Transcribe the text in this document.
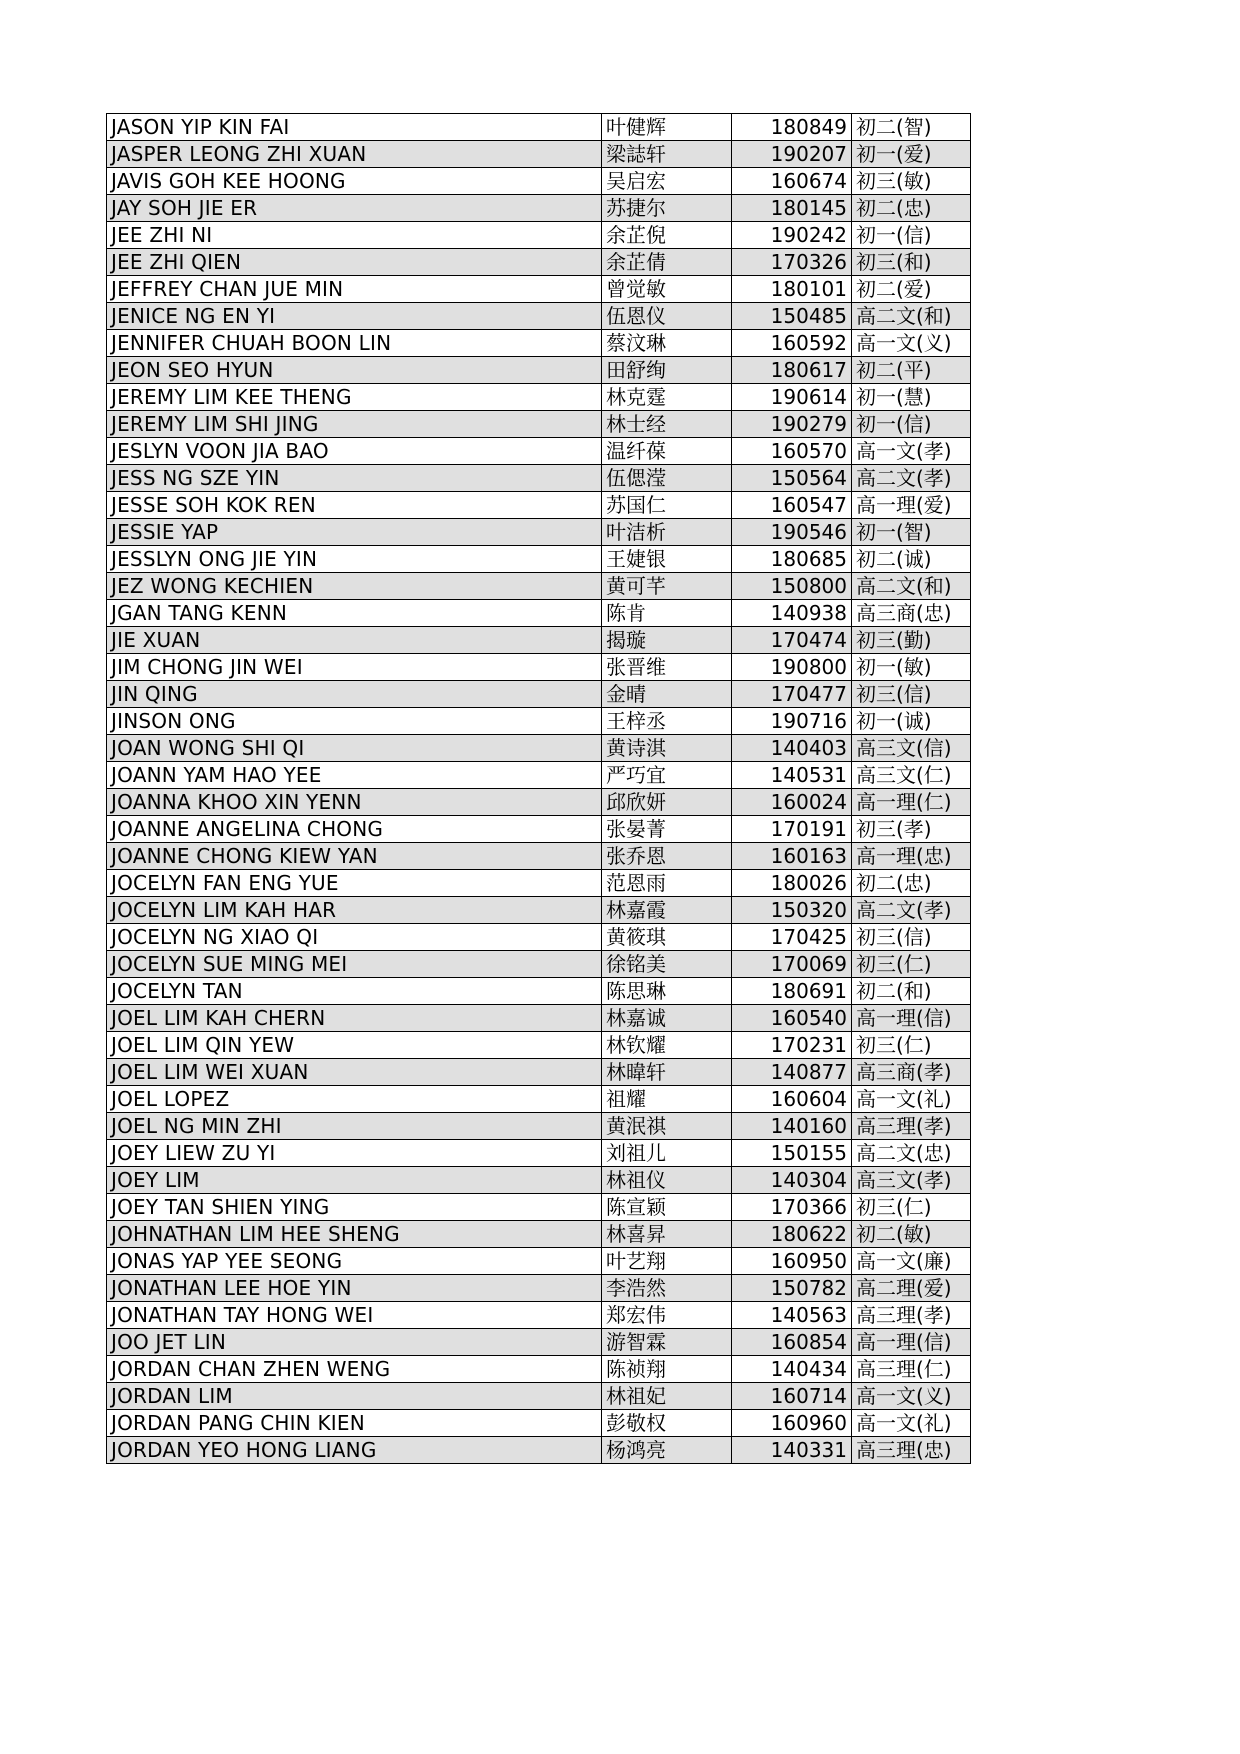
JASON YIP KIN FAI	叶健辉	180849	初二(智)
JASPER LEONG ZHI XUAN	梁誌轩	190207	初一(爱)
JAVIS GOH KEE HOONG	吴启宏	160674	初三(敏)
JAY SOH JIE ER	苏捷尔	180145	初二(忠)
JEE ZHI NI	余芷倪	190242	初一(信)
JEE ZHI QIEN	余芷倩	170326	初三(和)
JEFFREY CHAN JUE MIN	曾觉敏	180101	初二(爱)
JENICE NG EN YI	伍恩仪	150485	高二文(和)
JENNIFER CHUAH BOON LIN	蔡汶琳	160592	高一文(义)
JEON SEO HYUN	田舒绚	180617	初二(平)
JEREMY LIM KEE THENG	林克霆	190614	初一(慧)
JEREMY LIM SHI JING	林士经	190279	初一(信)
JESLYN VOON JIA BAO	温纤葆	160570	高一文(孝)
JESS NG SZE YIN	伍偲滢	150564	高二文(孝)
JESSE SOH KOK REN	苏国仁	160547	高一理(爱)
JESSIE YAP	叶洁析	190546	初一(智)
JESSLYN ONG JIE YIN	王婕银	180685	初二(诚)
JEZ WONG KECHIEN	黄可芊	150800	高二文(和)
JGAN TANG KENN	陈肯	140938	高三商(忠)
JIE XUAN	揭璇	170474	初三(勤)
JIM CHONG JIN WEI	张晋维	190800	初一(敏)
JIN QING	金晴	170477	初三(信)
JINSON ONG	王梓丞	190716	初一(诚)
JOAN WONG SHI QI	黄诗淇	140403	高三文(信)
JOANN YAM HAO YEE	严巧宜	140531	高三文(仁)
JOANNA KHOO XIN YENN	邱欣妍	160024	高一理(仁)
JOANNE ANGELINA CHONG	张晏菁	170191	初三(孝)
JOANNE CHONG KIEW YAN	张乔恩	160163	高一理(忠)
JOCELYN FAN ENG YUE	范恩雨	180026	初二(忠)
JOCELYN LIM KAH HAR	林嘉霞	150320	高二文(孝)
JOCELYN NG XIAO QI	黄筱琪	170425	初三(信)
JOCELYN SUE MING MEI	徐铭美	170069	初三(仁)
JOCELYN TAN	陈思琳	180691	初二(和)
JOEL LIM KAH CHERN	林嘉诚	160540	高一理(信)
JOEL LIM QIN YEW	林钦耀	170231	初三(仁)
JOEL LIM WEI XUAN	林暐轩	140877	高三商(孝)
JOEL LOPEZ	祖耀	160604	高一文(礼)
JOEL NG MIN ZHI	黄泯祺	140160	高三理(孝)
JOEY LIEW ZU YI	刘祖儿	150155	高二文(忠)
JOEY LIM	林祖仪	140304	高三文(孝)
JOEY TAN SHIEN YING	陈宣颖	170366	初三(仁)
JOHNATHAN LIM HEE SHENG	林喜昇	180622	初二(敏)
JONAS YAP YEE SEONG	叶艺翔	160950	高一文(廉)
JONATHAN LEE HOE YIN	李浩然	150782	高二理(爱)
JONATHAN TAY HONG WEI	郑宏伟	140563	高三理(孝)
JOO JET LIN	游智霖	160854	高一理(信)
JORDAN CHAN ZHEN WENG	陈祯翔	140434	高三理(仁)
JORDAN LIM	林祖妃	160714	高一文(义)
JORDAN PANG CHIN KIEN	彭敬权	160960	高一文(礼)
JORDAN YEO HONG LIANG	杨鸿亮	140331	高三理(忠)
